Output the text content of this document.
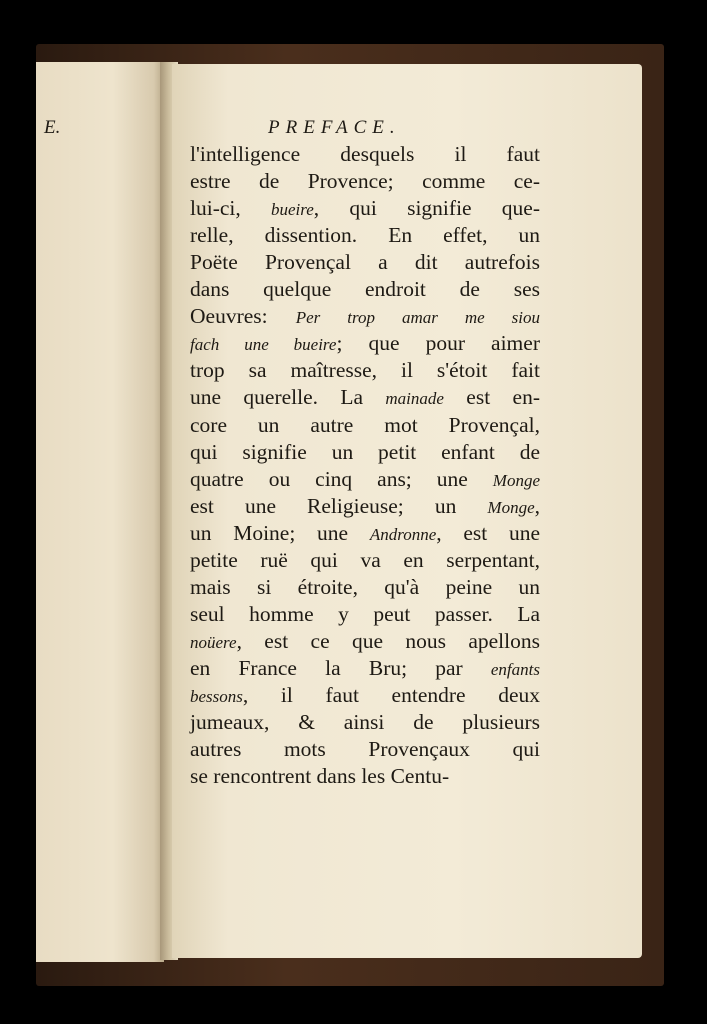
E.	PREFACE.
l'intelligence desquels il faut
estre de Provence; comme ce-
lui-ci, bueire, qui signifie que-
relle, dissention. En effet, un
Poëte Provençal a dit autrefois
dans quelque endroit de ses
Oeuvres: Per trop amar me siou
fach une bueire; que pour aimer
trop sa maîtresse, il s'étoit fait
une querelle. La mainade est en-
core un autre mot Provençal,
qui signifie un petit enfant de
quatre ou cinq ans; une Monge
est une Religieuse; un Monge,
un Moine; une Andronne, est une
petite ruë qui va en serpentant,
mais si étroite, qu'à peine un
seul homme y peut passer. La
noüere, est ce que nous apellons
en France la Bru; par enfants
bessons, il faut entendre deux
jumeaux, & ainsi de plusieurs
autres mots Provençaux qui
se rencontrent dans les Centu-
